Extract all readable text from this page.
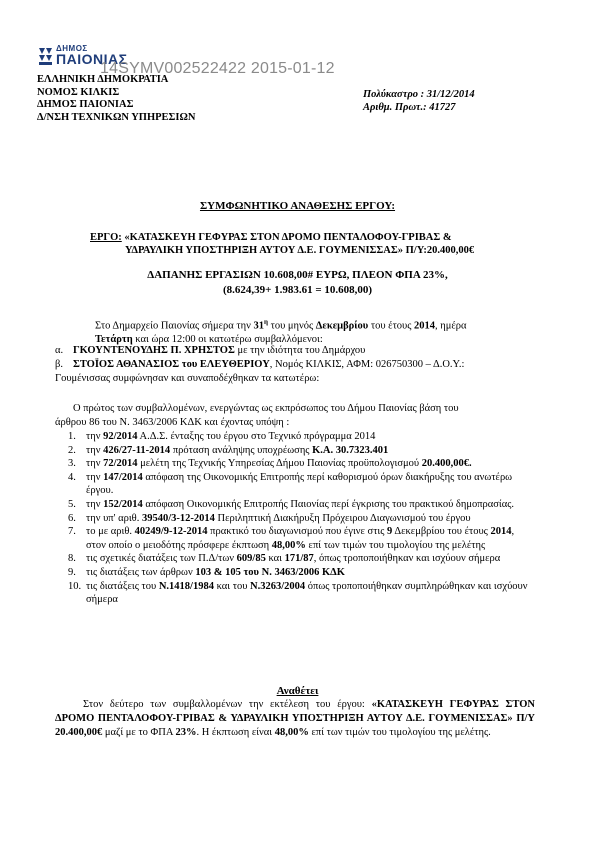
ΔΗΜΟΣ
ΠΑΙΟΝΙΑΣ
14SYMV002522422 2015-01-12
ΕΛΛΗΝΙΚΗ ΔΗΜΟΚΡΑΤΙΑ
ΝΟΜΟΣ ΚΙΛΚΙΣ
ΔΗΜΟΣ ΠΑΙΟΝΙΑΣ
Δ/ΝΣΗ ΤΕΧΝΙΚΩΝ ΥΠΗΡΕΣΙΩΝ
Πολύκαστρο : 31/12/2014
Αριθμ. Πρωτ.: 41727
ΣΥΜΦΩΝΗΤΙΚΟ ΑΝΑΘΕΣΗΣ ΕΡΓΟΥ:
ΕΡΓΟ: «ΚΑΤΑΣΚΕΥΗ ΓΕΦΥΡΑΣ ΣΤΟΝ ΔΡΟΜΟ ΠΕΝΤΑΛΟΦΟΥ-ΓΡΙΒΑΣ &
ΥΔΡΑΥΛΙΚΗ ΥΠΟΣΤΗΡΙΞΗ ΑΥΤΟΥ Δ.Ε. ΓΟΥΜΕΝΙΣΣΑΣ» Π/Υ:20.400,00€
ΔΑΠΑΝΗΣ ΕΡΓΑΣΙΩΝ 10.608,00# ΕΥΡΩ, ΠΛΕΟΝ ΦΠΑ 23%,
(8.624,39+ 1.983.61 = 10.608,00)
Στο Δημαρχείο Παιονίας σήμερα την $31^\eta$ του μηνός Δεκεμβρίου του έτους 2014, ημέρα
Τετάρτη και ώρα 12:00 οι κατωτέρω συμβαλλόμενοι:
α. ΓΚΟΥΝΤΕΝΟΥΔΗΣ Π. ΧΡΗΣΤΟΣ με την ιδιότητα του Δημάρχου
β. ΣΤΟΪΟΣ ΑΘΑΝΑΣΙΟΣ του ΕΛΕΥΘΕΡΙΟΥ, Νομός ΚΙΛΚΙΣ, ΑΦΜ: 026750300 – Δ.Ο.Υ.:
Γουμένισσας συμφώνησαν και συναποδέχθηκαν τα κατωτέρω:
Ο πρώτος των συμβαλλομένων, ενεργώντας ως εκπρόσωπος του Δήμου Παιονίας βάση του
άρθρου 86 του Ν. 3463/2006 ΚΔΚ και έχοντας υπόψη :
1. την 92/2014 Α.Δ.Σ. ένταξης του έργου στο Τεχνικό πρόγραμμα 2014
2. την 426/27-11-2014 πρόταση ανάληψης υποχρέωσης Κ.Α. 30.7323.401
3. την 72/2014 μελέτη της Τεχνικής Υπηρεσίας Δήμου Παιονίας προϋπολογισμού 20.400,00€.
4. την 147/2014 απόφαση της Οικονομικής Επιτροπής περί καθορισμού όρων διακήρυξης του ανωτέρω έργου.
5. την 152/2014 απόφαση Οικονομικής Επιτροπής Παιονίας περί έγκρισης του πρακτικού δημοπρασίας.
6. την υπ' αριθ. 39540/3-12-2014 Περιληπτική Διακήρυξη Πρόχειρου Διαγωνισμού του έργου
7. το με αριθ. 40249/9-12-2014 πρακτικό του διαγωνισμού που έγινε στις 9 Δεκεμβρίου του έτους 2014, στον οποίο ο μειοδότης πρόσφερε έκπτωση 48,00% επί των τιμών του τιμολογίου της μελέτης
8. τις σχετικές διατάξεις των Π.Δ/των 609/85 και 171/87, όπως τροποποιήθηκαν και ισχύουν σήμερα
9. τις διατάξεις των άρθρων 103 & 105 του Ν. 3463/2006 ΚΔΚ
10. τις διατάξεις του Ν.1418/1984 και του Ν.3263/2004 όπως τροποποιήθηκαν συμπληρώθηκαν και ισχύουν σήμερα
Αναθέτει
Στον δεύτερο των συμβαλλομένων την εκτέλεση του έργου: «ΚΑΤΑΣΚΕΥΗ ΓΕΦΥΡΑΣ ΣΤΟΝ ΔΡΟΜΟ ΠΕΝΤΑΛΟΦΟΥ-ΓΡΙΒΑΣ & ΥΔΡΑΥΛΙΚΗ ΥΠΟΣΤΗΡΙΞΗ ΑΥΤΟΥ Δ.Ε. ΓΟΥΜΕΝΙΣΣΑΣ» Π/Υ 20.400,00€ μαζί με το ΦΠΑ 23%. Η έκπτωση είναι 48,00% επί των τιμών του τιμολογίου της μελέτης.
